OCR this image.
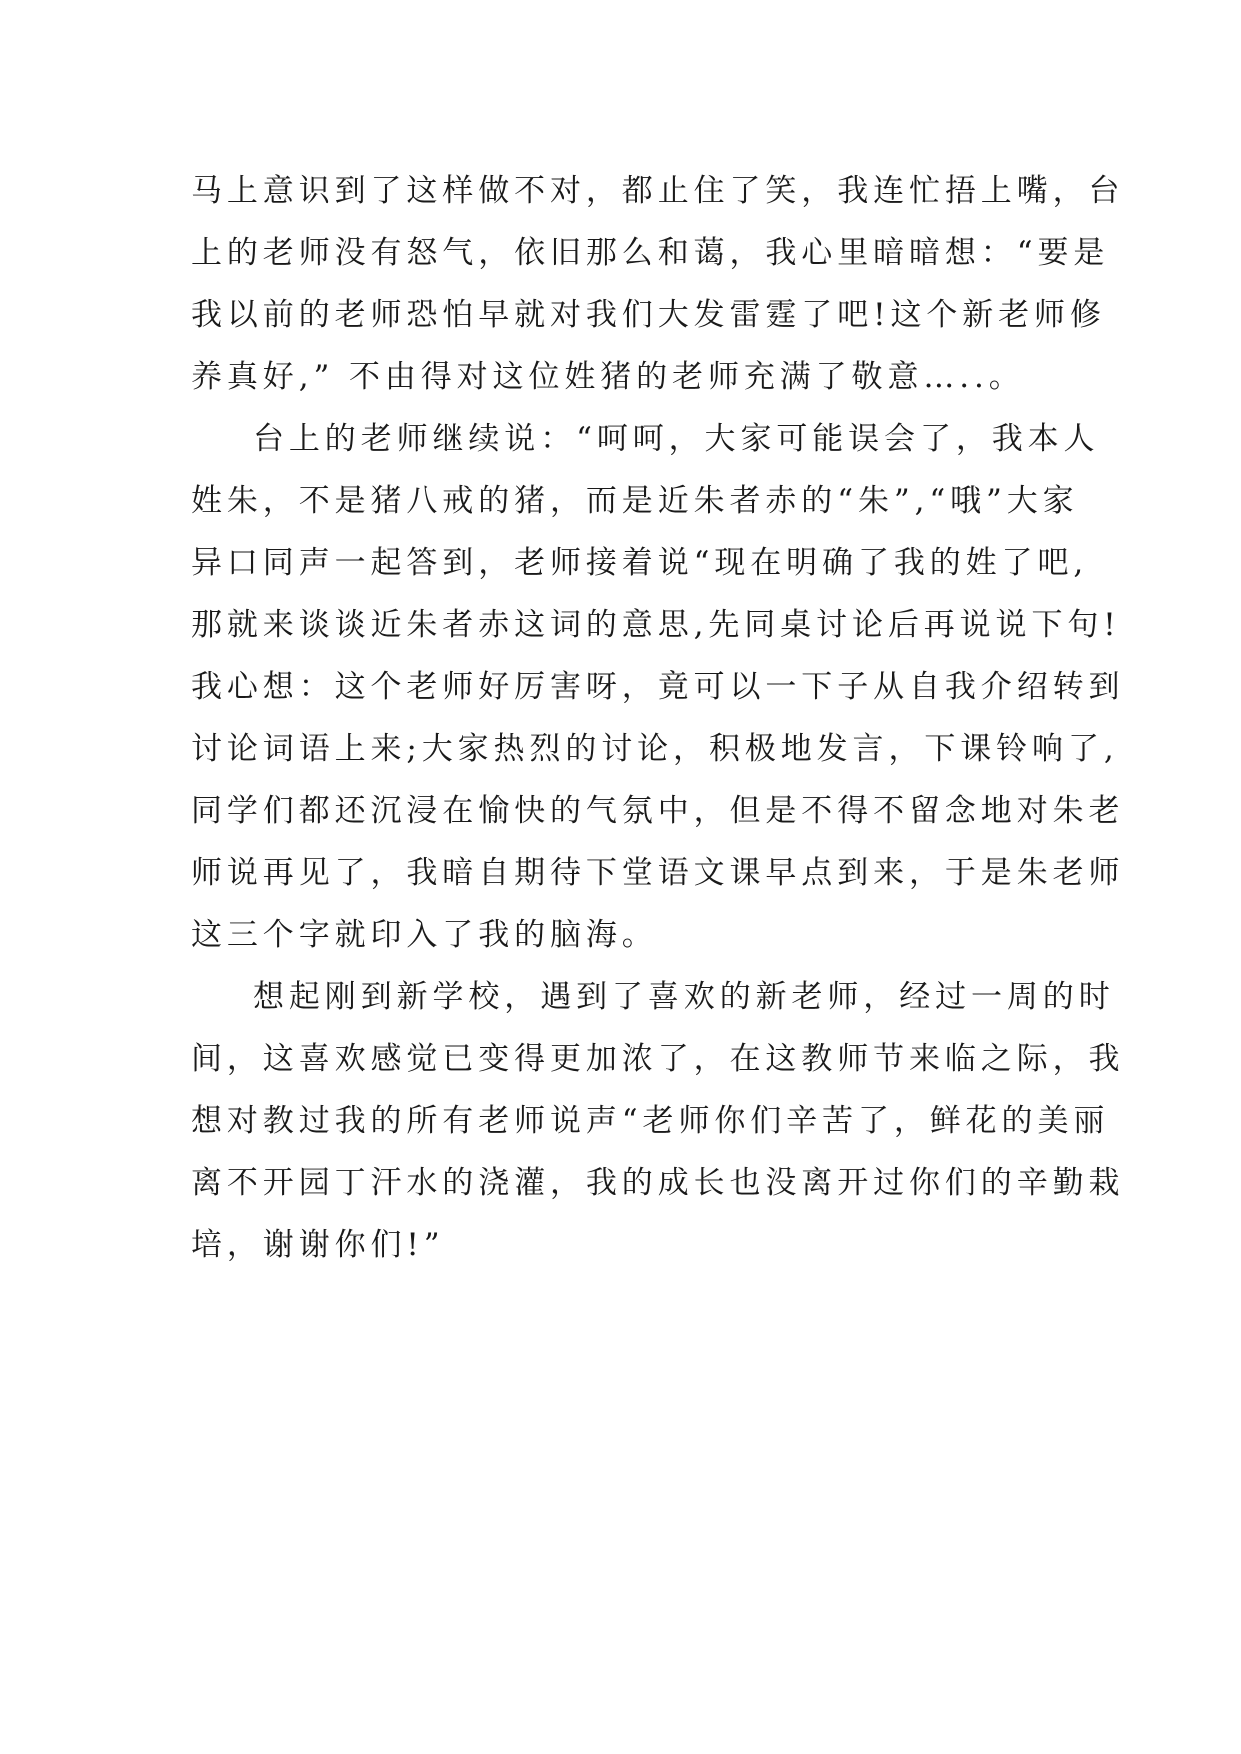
马上意识到了这样做不对，都止住了笑，我连忙捂上嘴，台
上的老师没有怒气，依旧那么和蔼，我心里暗暗想：“要是
我以前的老师恐怕早就对我们大发雷霆了吧!这个新老师修
养真好,” 不由得对这位姓猪的老师充满了敬意…..。
台上的老师继续说：“呵呵，大家可能误会了，我本人
姓朱，不是猪八戒的猪，而是近朱者赤的“朱”,“哦”大家
异口同声一起答到，老师接着说“现在明确了我的姓了吧,
那就来谈谈近朱者赤这词的意思,先同桌讨论后再说说下句!
我心想：这个老师好厉害呀，竟可以一下子从自我介绍转到
讨论词语上来;大家热烈的讨论，积极地发言，下课铃响了,
同学们都还沉浸在愉快的气氛中，但是不得不留念地对朱老
师说再见了，我暗自期待下堂语文课早点到来，于是朱老师
这三个字就印入了我的脑海。
想起刚到新学校，遇到了喜欢的新老师，经过一周的时
间，这喜欢感觉已变得更加浓了，在这教师节来临之际，我
想对教过我的所有老师说声“老师你们辛苦了，鲜花的美丽
离不开园丁汗水的浇灌，我的成长也没离开过你们的辛勤栽
培，谢谢你们!”
